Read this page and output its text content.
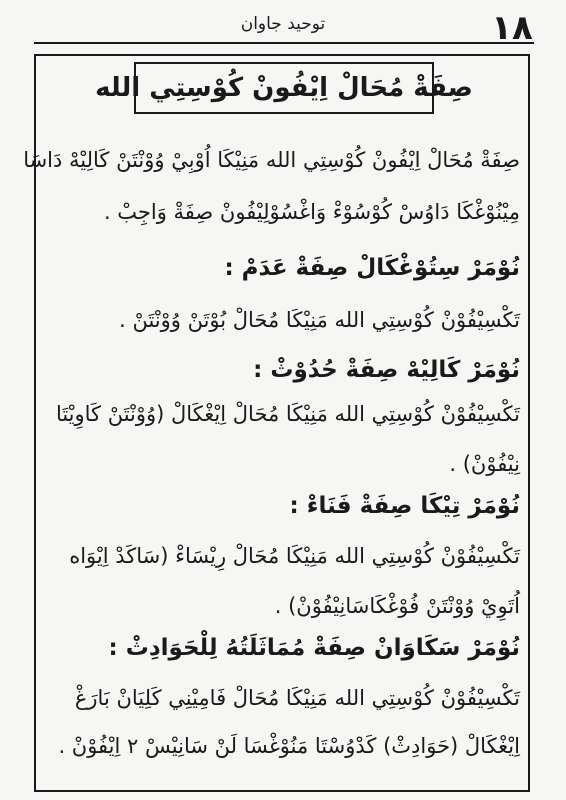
١٨
توحيد جاوان
صِفَةْ مُحَالْ اِيْفُونْ كُوْسِتِي الله
صِفَةْ مُحَالْ اِيْفُونْ كُوْسِتِي الله مَنِيْكَا اُوْبِيْ وُوْنْتَنْ كَالِيْهْ دَاسَا
مِيْنُوْغْكَا دَاوُسْ كُوْسُوْءْ وَاغْسُوْلِيْفُونْ صِفَةْ وَاجِبْ .
نُوْمَرْ سِتُوْغْكَالْ صِفَةْ عَدَمْ :
تَكْسِيْفُوْنْ كُوْسِتِي الله مَنِيْكَا مُحَالْ بُوْتَنْ وُوْنْتَنْ .
نُوْمَرْ كَالِيْهْ صِفَةْ حُدُوْثْ :
تَكْسِيْفُوْنْ كُوْسِتِي الله مَنِيْكَا مُحَالْ اِيْغْكَالْ (وُوْنْتَنْ كَاوِيْتَا
نِيْفُوْنْ) .
نُوْمَرْ تِيْكَا صِفَةْ فَنَاءْ :
تَكْسِيْفُوْنْ كُوْسِتِي الله مَنِيْكَا مُحَالْ رِيْسَاءْ (سَاكَدْ اِيْوَاه
اُتَوِيْ وُوْنْتَنْ فُوْغْكَاسَانِيْفُوْنْ) .
نُوْمَرْ سَكَاوَانْ صِفَةْ مُمَاثَلَتُهُ لِلْحَوَادِثْ :
تَكْسِيْفُوْنْ كُوْسِتِي الله مَنِيْكَا مُحَالْ فَامِيْنِي كَلِيَانْ بَارَغْ
اِيْغْكَالْ (حَوَادِثْ) كَدْوُسْتَا مَنُوْغْسَا لَنْ سَانِيْسْ ٢ اِيْفُوْنْ .
